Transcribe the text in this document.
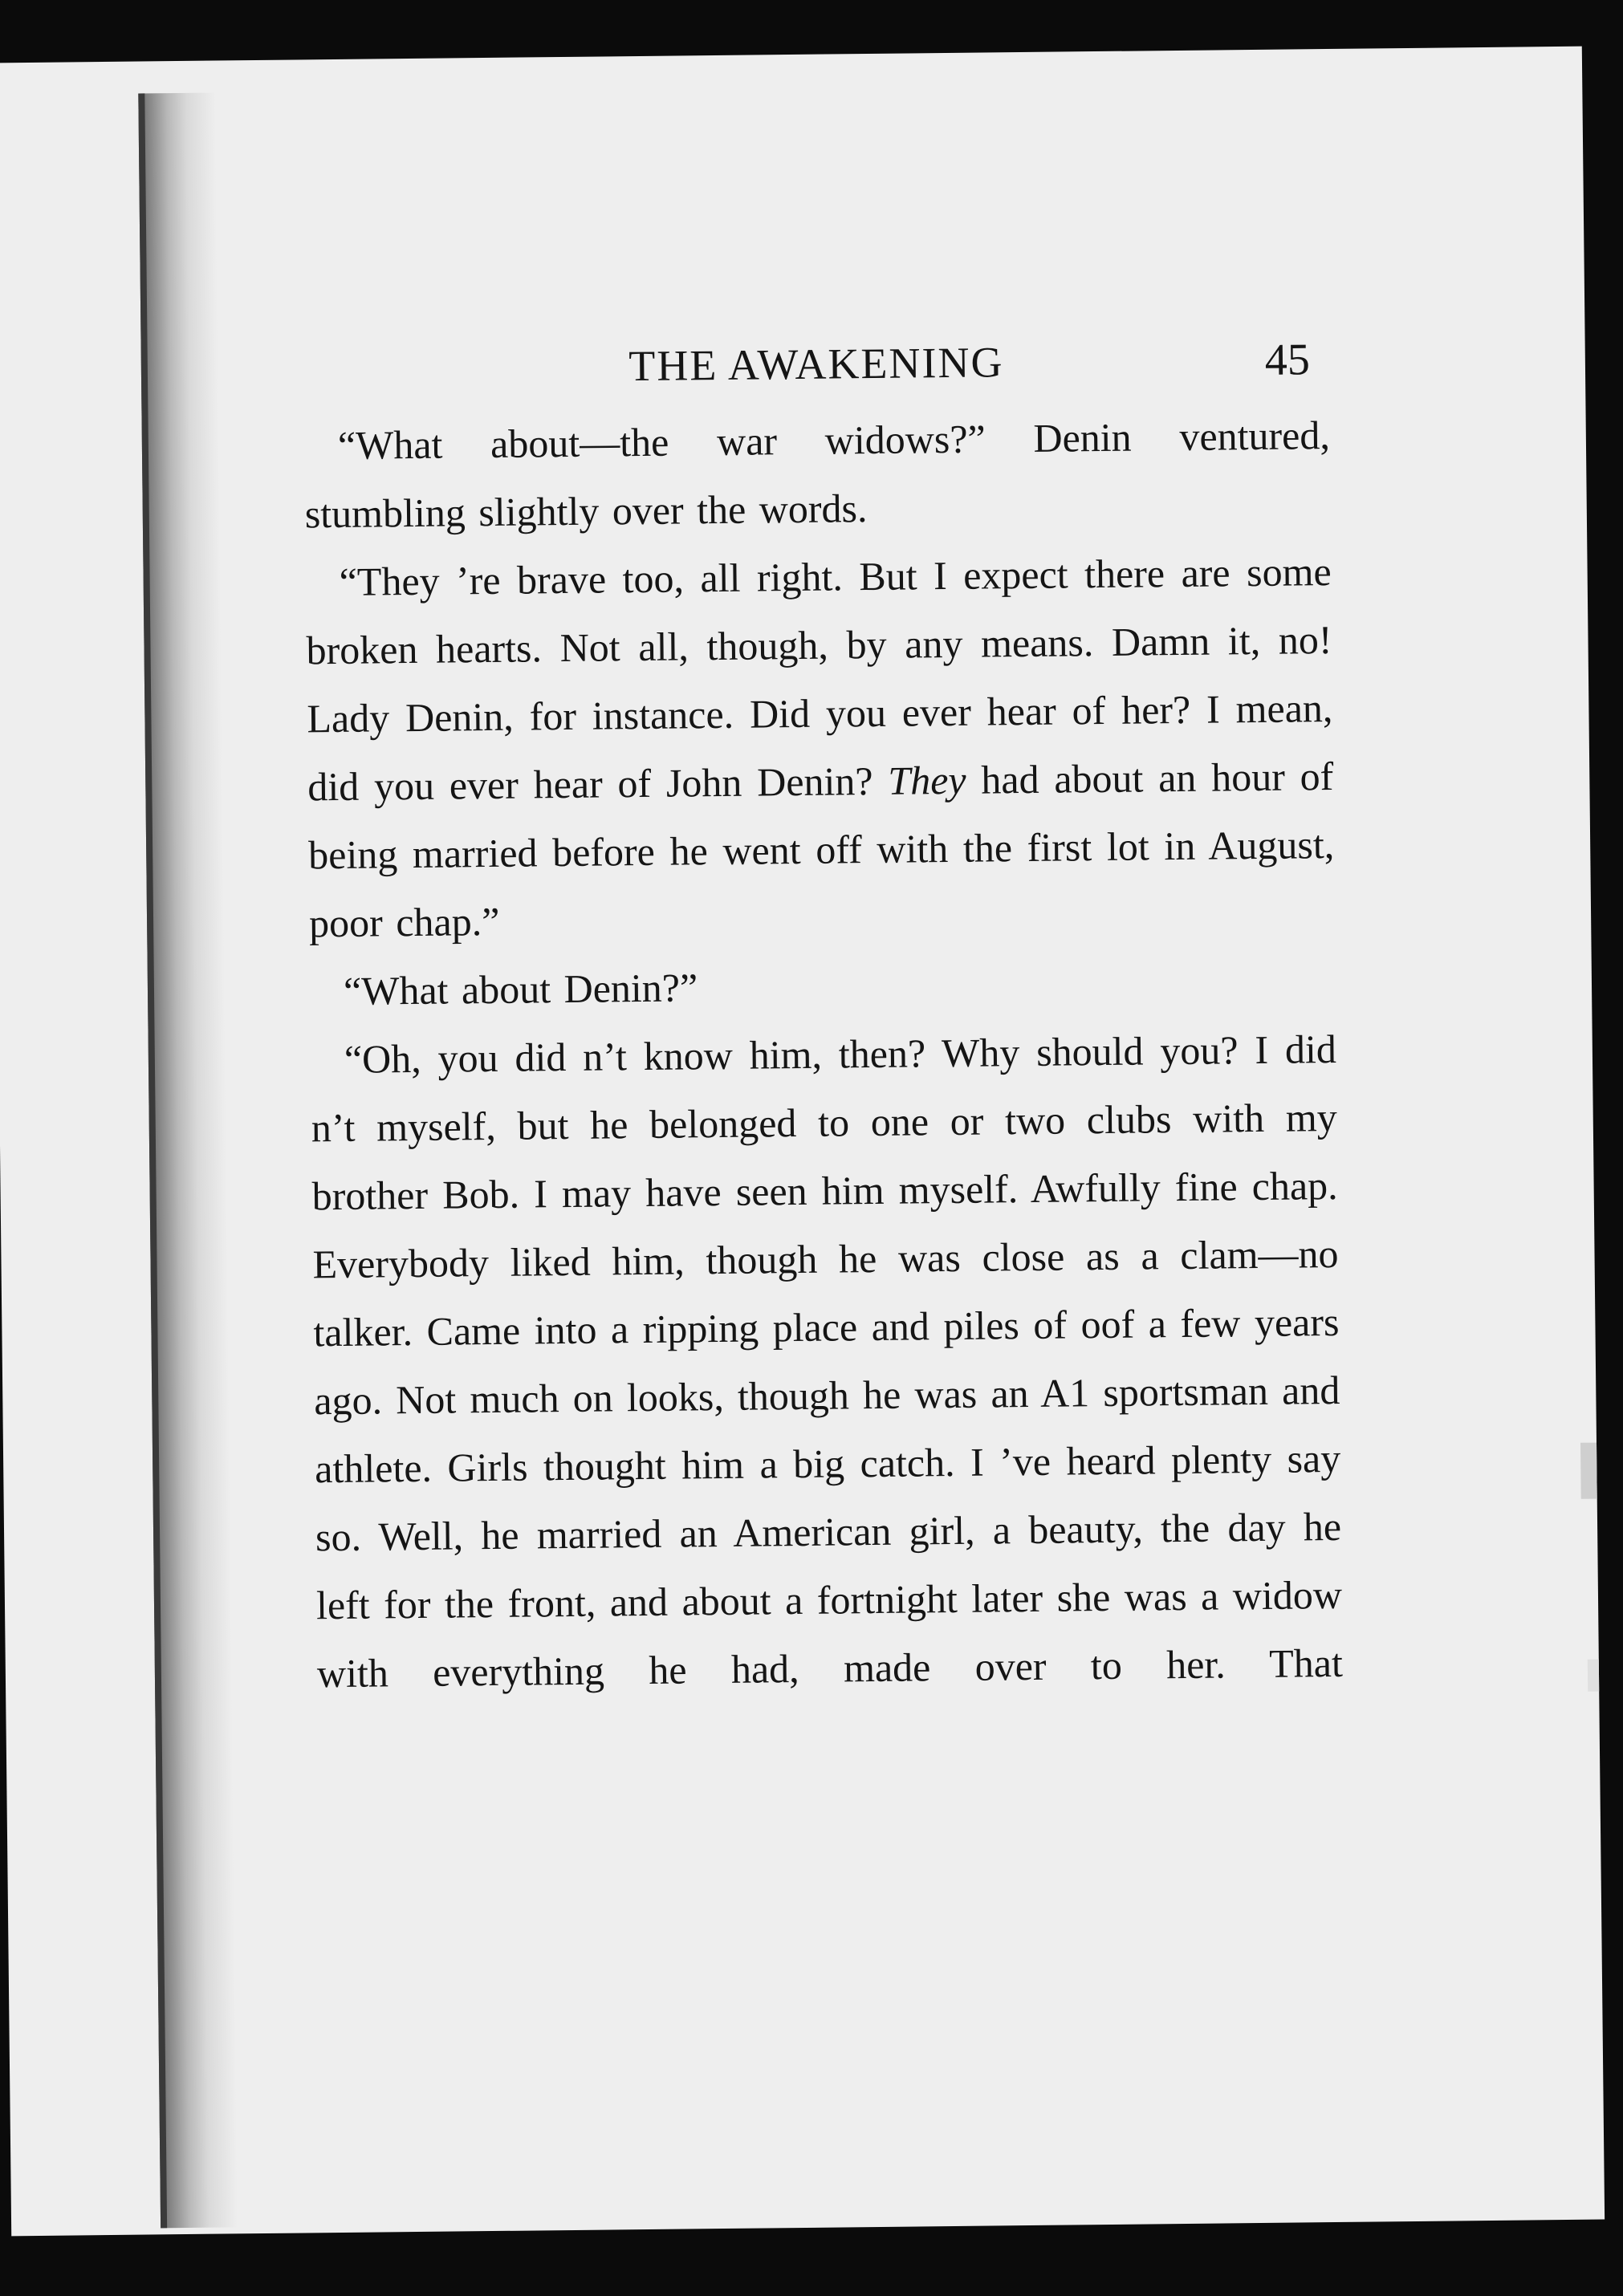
THE AWAKENING	45

“What about—the war widows?” Denin ventured, stumbling slightly over the words.

“They ’re brave too, all right. But I expect there are some broken hearts. Not all, though, by any means. Damn it, no! Lady Denin, for instance. Did you ever hear of her? I mean, did you ever hear of John Denin? They had about an hour of being married before he went off with the first lot in August, poor chap.”

“What about Denin?”

“Oh, you did n’t know him, then? Why should you? I did n’t myself, but he belonged to one or two clubs with my brother Bob. I may have seen him myself. Awfully fine chap. Everybody liked him, though he was close as a clam—no talker. Came into a ripping place and piles of oof a few years ago. Not much on looks, though he was an A1 sportsman and athlete. Girls thought him a big catch. I ’ve heard plenty say so. Well, he married an American girl, a beauty, the day he left for the front, and about a fortnight later she was a widow with everything he had, made over to her. That
